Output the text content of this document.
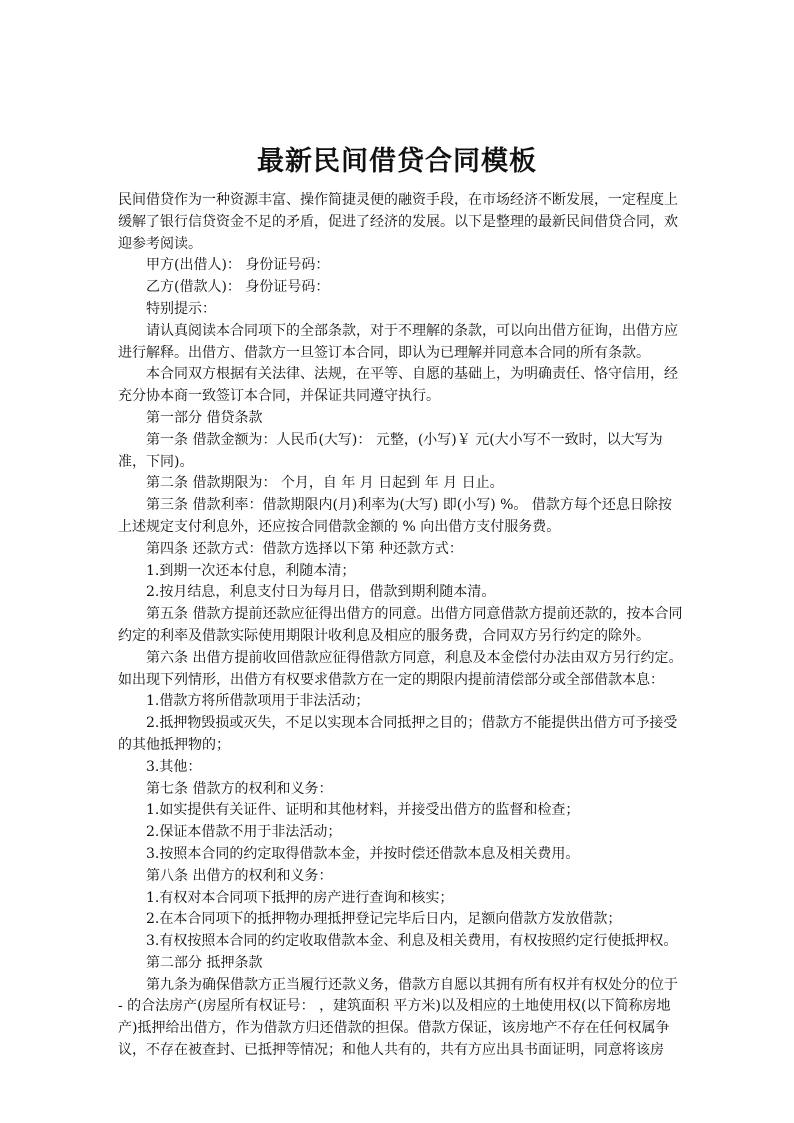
最新民间借贷合同模板

民间借贷作为一种资源丰富、操作简捷灵便的融资手段，在市场经济不断发展，一定程度上缓解了银行信贷资金不足的矛盾，促进了经济的发展。以下是整理的最新民间借贷合同，欢迎参考阅读。

甲方(出借人)： 身份证号码：

乙方(借款人)： 身份证号码：

特别提示：

请认真阅读本合同项下的全部条款，对于不理解的条款，可以向出借方征询，出借方应进行解释。出借方、借款方一旦签订本合同，即认为已理解并同意本合同的所有条款。

本合同双方根据有关法律、法规，在平等、自愿的基础上，为明确责任、恪守信用，经充分协本商一致签订本合同，并保证共同遵守执行。

第一部分 借贷条款

第一条 借款金额为：人民币(大写)： 元整，(小写)￥ 元(大小写不一致时，以大写为准，下同)。

第二条 借款期限为： 个月，自 年 月 日起到 年 月 日止。

第三条 借款利率：借款期限内(月)利率为(大写) 即(小写) %。 借款方每个还息日除按上述规定支付利息外，还应按合同借款金额的 % 向出借方支付服务费。

第四条 还款方式：借款方选择以下第 种还款方式：

1.到期一次还本付息，利随本清；

2.按月结息，利息支付日为每月日，借款到期利随本清。

第五条 借款方提前还款应征得出借方的同意。出借方同意借款方提前还款的，按本合同约定的利率及借款实际使用期限计收利息及相应的服务费，合同双方另行约定的除外。

第六条 出借方提前收回借款应征得借款方同意，利息及本金偿付办法由双方另行约定。如出现下列情形，出借方有权要求借款方在一定的期限内提前清偿部分或全部借款本息：

1.借款方将所借款项用于非法活动；

2.抵押物毁损或灭失，不足以实现本合同抵押之目的；借款方不能提供出借方可予接受的其他抵押物的；

3.其他：

第七条 借款方的权利和义务：

1.如实提供有关证件、证明和其他材料，并接受出借方的监督和检查；

2.保证本借款不用于非法活动；

3.按照本合同的约定取得借款本金，并按时偿还借款本息及相关费用。

第八条 出借方的权利和义务：

1.有权对本合同项下抵押的房产进行查询和核实；

2.在本合同项下的抵押物办理抵押登记完毕后日内，足额向借款方发放借款；

3.有权按照本合同的约定收取借款本金、利息及相关费用，有权按照约定行使抵押权。

第二部分 抵押条款

第九条为确保借款方正当履行还款义务，借款方自愿以其拥有所有权并有权处分的位于 - 的合法房产(房屋所有权证号： ，建筑面积 平方米)以及相应的土地使用权(以下简称房地产)抵押给出借方，作为借款方归还借款的担保。借款方保证，该房地产不存在任何权属争议，不存在被查封、已抵押等情况；和他人共有的，共有方应出具书面证明，同意将该房
